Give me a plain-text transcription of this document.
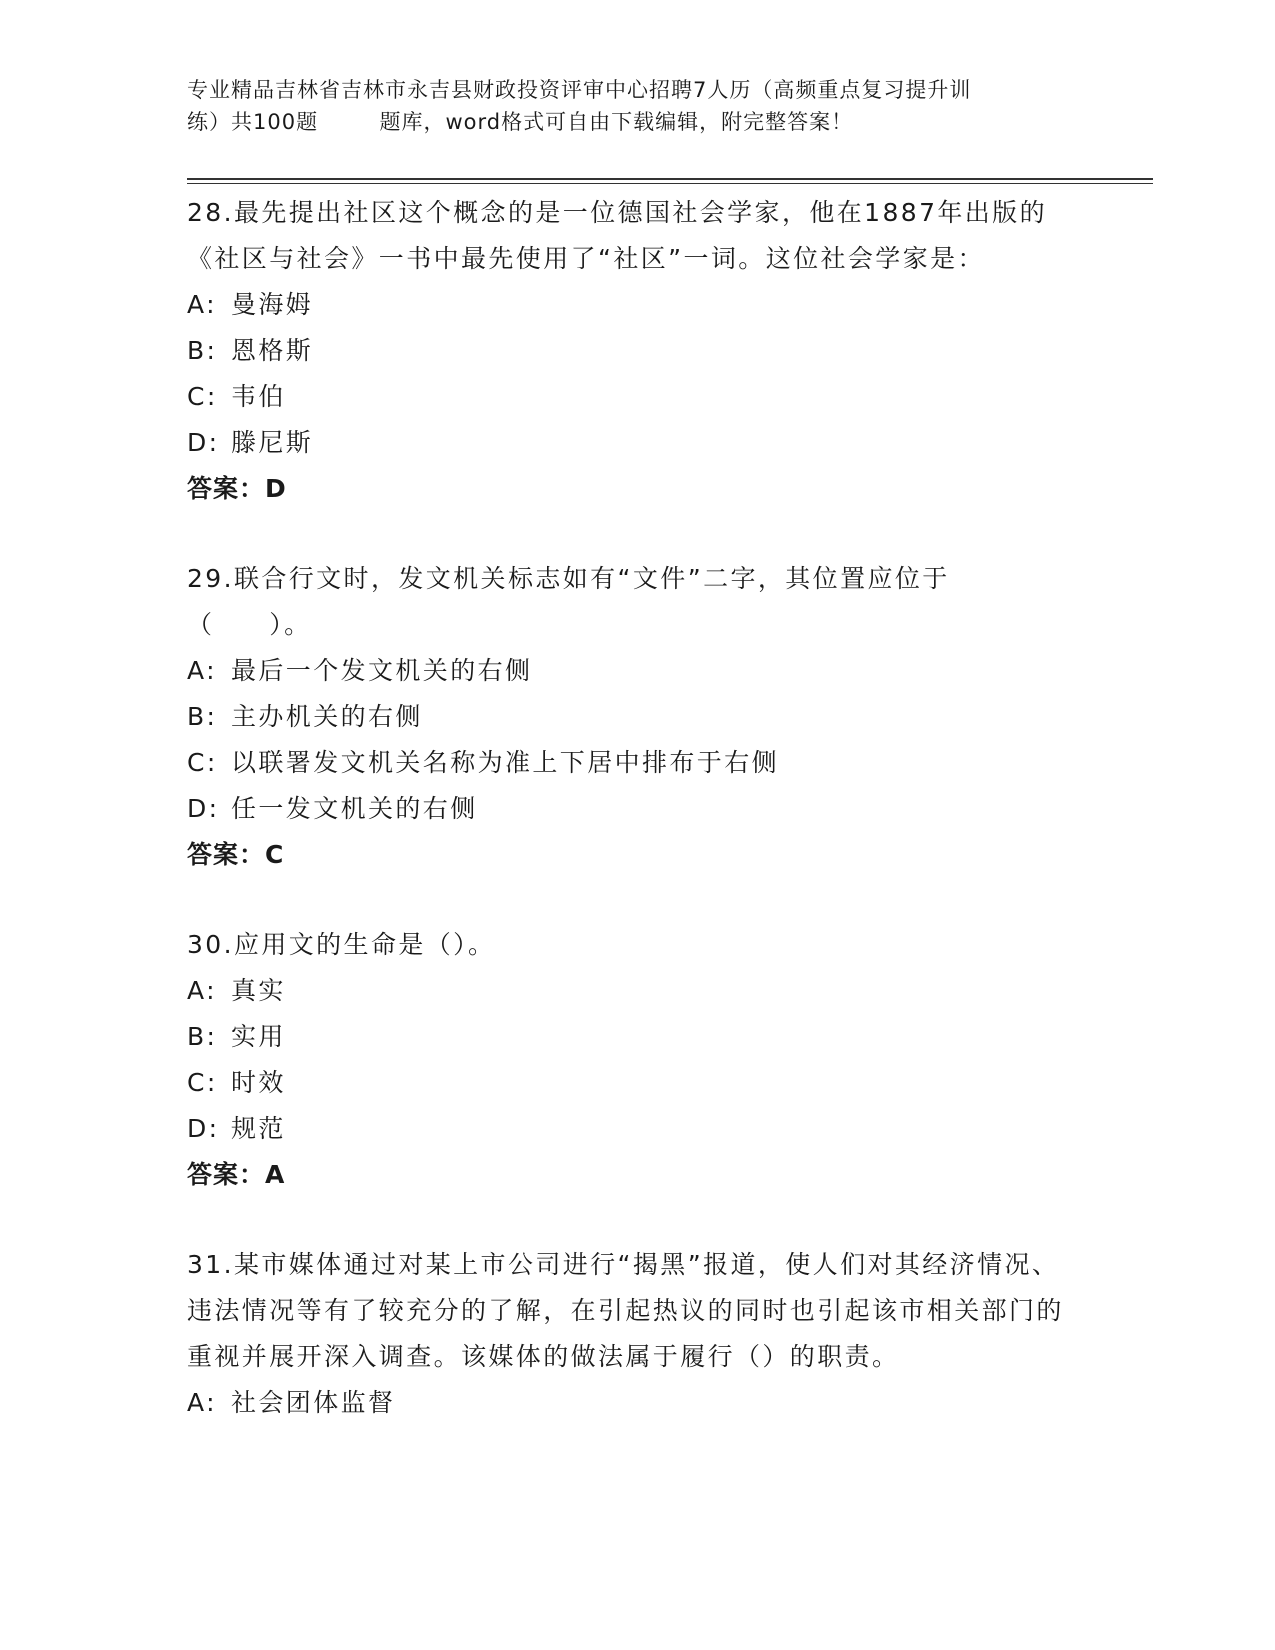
专业精品吉林省吉林市永吉县财政投资评审中心招聘7人历（高频重点复习提升训
练）共100题        题库，word格式可自由下载编辑，附完整答案！
28.最先提出社区这个概念的是一位德国社会学家，他在1887年出版的《社区与社会》一书中最先使用了“社区”一词。这位社会学家是：
A: 曼海姆
B: 恩格斯
C: 韦伯
D: 滕尼斯
答案：D
29.联合行文时，发文机关标志如有“文件”二字，其位置应位于（　　）。
A: 最后一个发文机关的右侧
B: 主办机关的右侧
C: 以联署发文机关名称为准上下居中排布于右侧
D: 任一发文机关的右侧
答案：C
30.应用文的生命是（）。
A: 真实
B: 实用
C: 时效
D: 规范
答案：A
31.某市媒体通过对某上市公司进行“揭黑”报道，使人们对其经济情况、违法情况等有了较充分的了解，在引起热议的同时也引起该市相关部门的重视并展开深入调查。该媒体的做法属于履行（）的职责。
A: 社会团体监督
